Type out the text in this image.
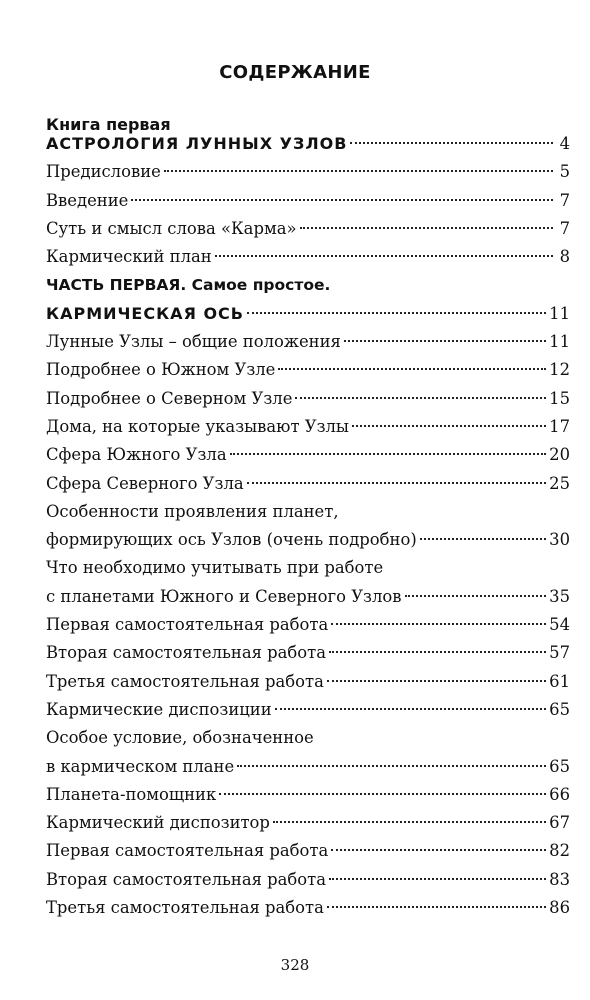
СОДЕРЖАНИЕ
Книга первая
АСТРОЛОГИЯ ЛУННЫХ УЗЛОВ	4
Предисловие	5
Введение	7
Суть и смысл слова «Карма»	7
Кармический план	8
ЧАСТЬ ПЕРВАЯ. Самое простое.
КАРМИЧЕСКАЯ ОСЬ	11
Лунные Узлы – общие положения	11
Подробнее о Южном Узле	12
Подробнее о Северном Узле	15
Дома, на которые указывают Узлы	17
Сфера Южного Узла	20
Сфера Северного Узла	25
Особенности проявления планет,
формирующих ось Узлов (очень подробно)	30
Что необходимо учитывать при работе
с планетами Южного и Северного Узлов	35
Первая самостоятельная работа	54
Вторая самостоятельная работа	57
Третья самостоятельная работа	61
Кармические диспозиции	65
Особое условие, обозначенное
в кармическом плане	65
Планета-помощник	66
Кармический диспозитор	67
Первая самостоятельная работа	82
Вторая самостоятельная работа	83
Третья самостоятельная работа	86
328
